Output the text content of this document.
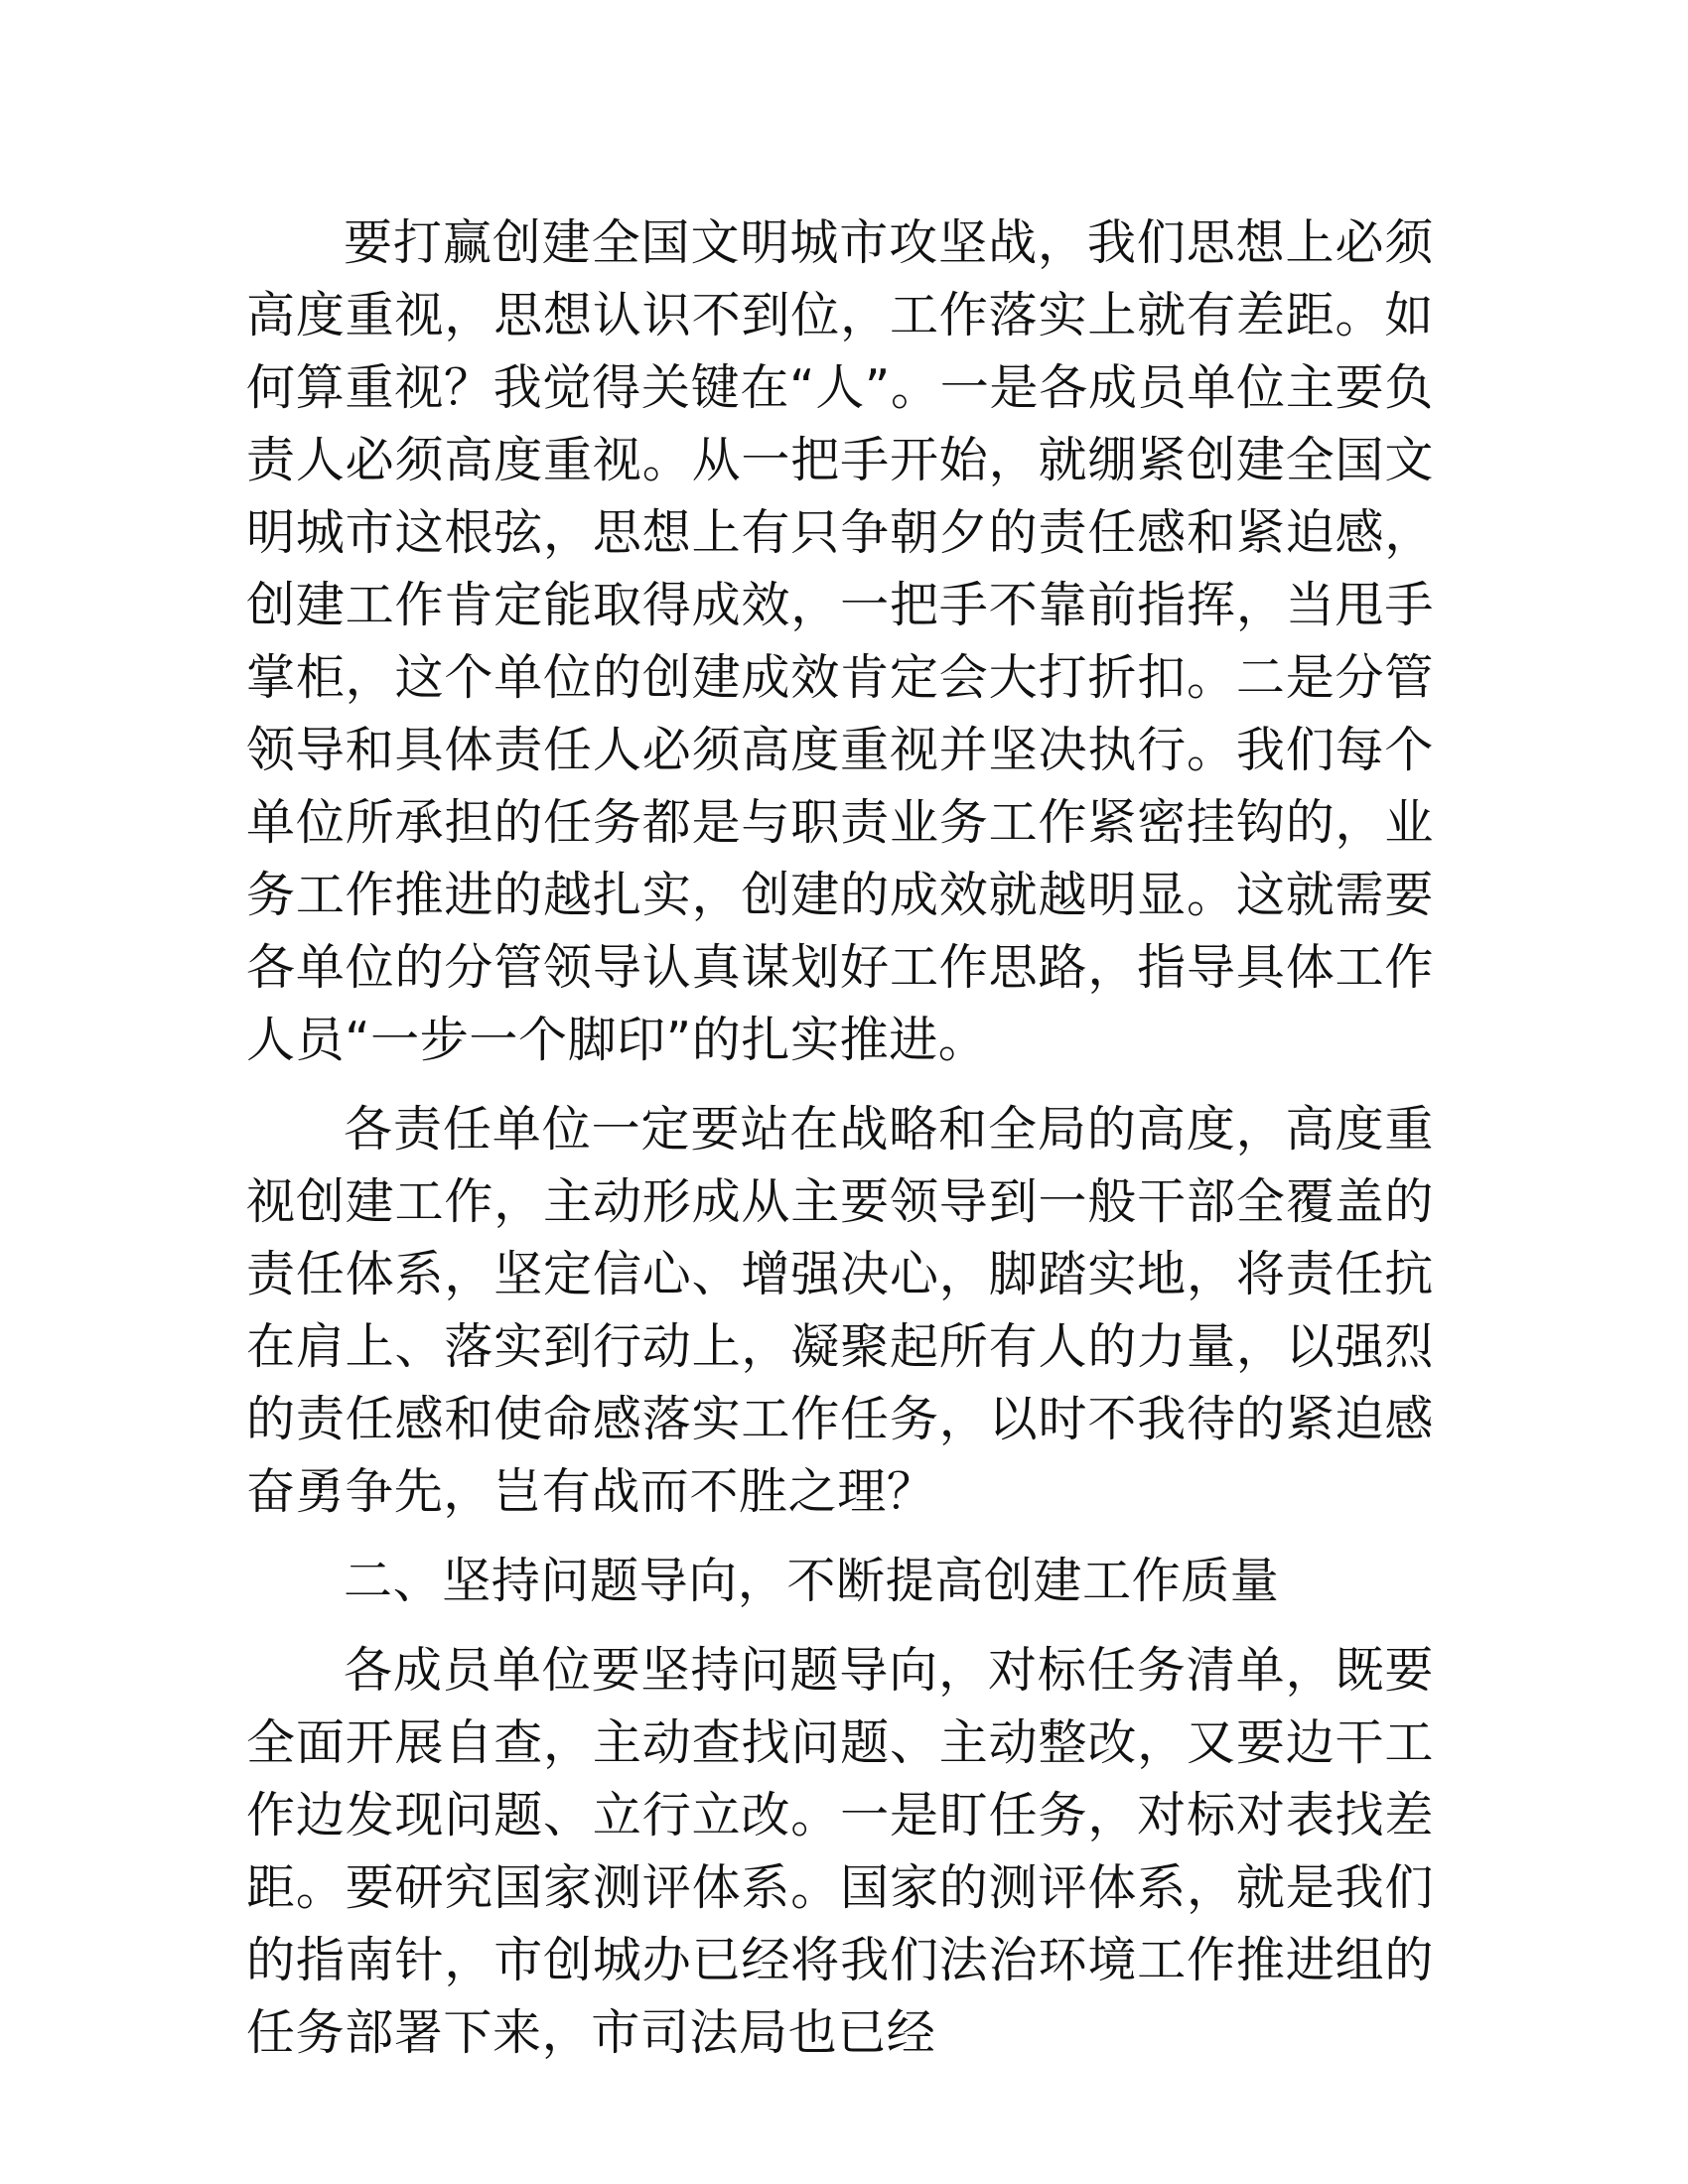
要打赢创建全国文明城市攻坚战，我们思想上必须高度重视，思想认识不到位，工作落实上就有差距。如何算重视？我觉得关键在“人”。一是各成员单位主要负责人必须高度重视。从一把手开始，就绷紧创建全国文明城市这根弦，思想上有只争朝夕的责任感和紧迫感，创建工作肯定能取得成效，一把手不靠前指挥，当甩手掌柜，这个单位的创建成效肯定会大打折扣。二是分管领导和具体责任人必须高度重视并坚决执行。我们每个单位所承担的任务都是与职责业务工作紧密挂钩的，业务工作推进的越扎实，创建的成效就越明显。这就需要各单位的分管领导认真谋划好工作思路，指导具体工作人员“一步一个脚印”的扎实推进。

各责任单位一定要站在战略和全局的高度，高度重视创建工作，主动形成从主要领导到一般干部全覆盖的责任体系，坚定信心、增强决心，脚踏实地，将责任抗在肩上、落实到行动上，凝聚起所有人的力量，以强烈的责任感和使命感落实工作任务，以时不我待的紧迫感奋勇争先，岂有战而不胜之理？

二、坚持问题导向，不断提高创建工作质量

各成员单位要坚持问题导向，对标任务清单，既要全面开展自查，主动查找问题、主动整改，又要边干工作边发现问题、立行立改。一是盯任务，对标对表找差距。要研究国家测评体系。国家的测评体系，就是我们的指南针，市创城办已经将我们法治环境工作推进组的任务部署下来，市司法局也已经
